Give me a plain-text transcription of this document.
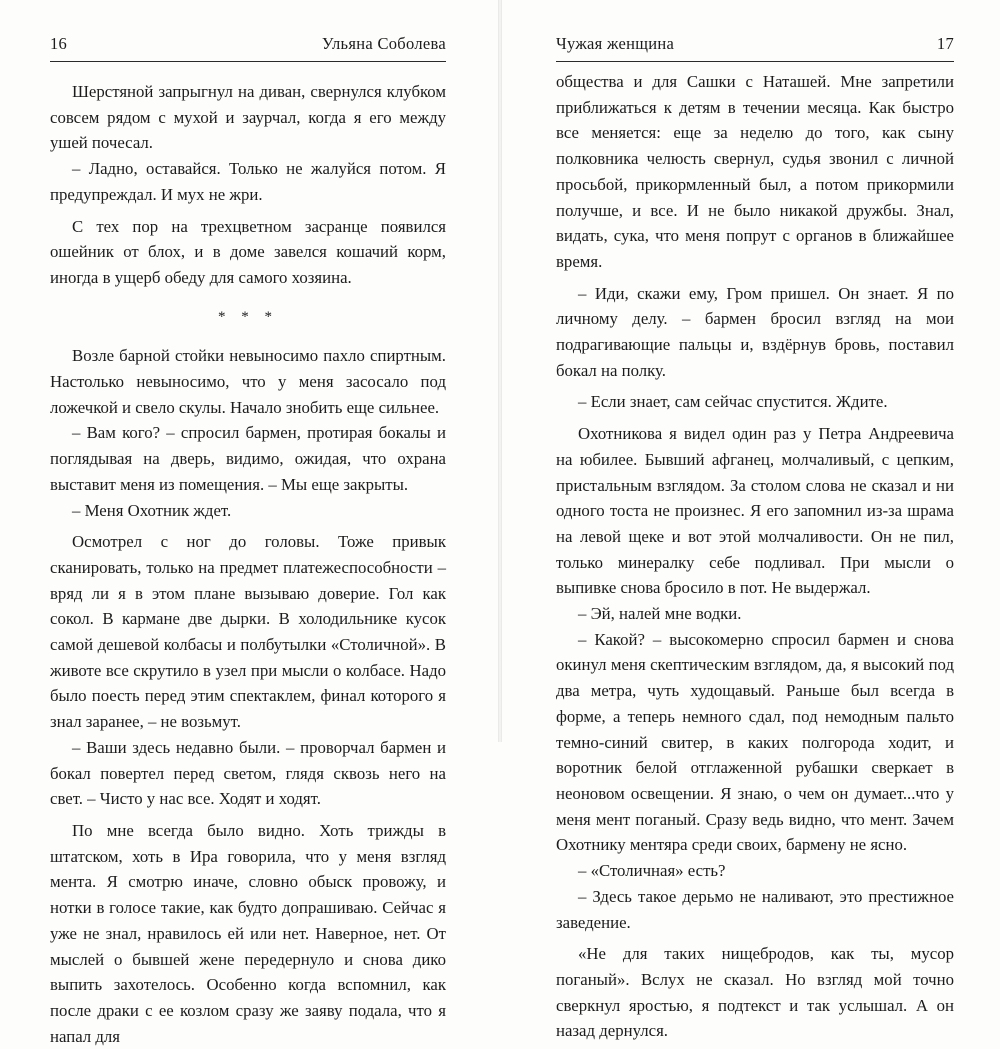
16	Ульяна Соболева

Шерстяной запрыгнул на диван, свернулся клубком совсем рядом с мухой и заурчал, когда я его между ушей почесал.

– Ладно, оставайся. Только не жалуйся потом. Я предупреждал. И мух не жри.

С тех пор на трехцветном засранце появился ошейник от блох, и в доме завелся кошачий корм, иногда в ущерб обеду для самого хозяина.

* * *

Возле барной стойки невыносимо пахло спиртным. Настолько невыносимо, что у меня засосало под ложечкой и свело скулы. Начало знобить еще сильнее.

– Вам кого? – спросил бармен, протирая бокалы и поглядывая на дверь, видимо, ожидая, что охрана выставит меня из помещения. – Мы еще закрыты.

– Меня Охотник ждет.

Осмотрел с ног до головы. Тоже привык сканировать, только на предмет платежеспособности – вряд ли я в этом плане вызываю доверие. Гол как сокол. В кармане две дырки. В холодильнике кусок самой дешевой колбасы и полбутылки «Столичной». В животе все скрутило в узел при мысли о колбасе. Надо было поесть перед этим спектаклем, финал которого я знал заранее, – не возьмут.

– Ваши здесь недавно были. – проворчал бармен и бокал повертел перед светом, глядя сквозь него на свет. – Чисто у нас все. Ходят и ходят.

По мне всегда было видно. Хоть трижды в штатском, хоть в Ира говорила, что у меня взгляд мента. Я смотрю иначе, словно обыск провожу, и нотки в голосе такие, как будто допрашиваю. Сейчас я уже не знал, нравилось ей или нет. Наверное, нет. От мыслей о бывшей жене передернуло и снова дико выпить захотелось. Особенно когда вспомнил, как после драки с ее козлом сразу же заяву подала, что я напал для

Чужая женщина	17

общества и для Сашки с Наташей. Мне запретили приближаться к детям в течении месяца. Как быстро все меняется: еще за неделю до того, как сыну полковника челюсть свернул, судья звонил с личной просьбой, прикормленный был, а потом прикормили получше, и все. И не было никакой дружбы. Знал, видать, сука, что меня попрут с органов в ближайшее время.

– Иди, скажи ему, Гром пришел. Он знает. Я по личному делу. – бармен бросил взгляд на мои подрагивающие пальцы и, вздёрнув бровь, поставил бокал на полку.

– Если знает, сам сейчас спустится. Ждите.

Охотникова я видел один раз у Петра Андреевича на юбилее. Бывший афганец, молчаливый, с цепким, пристальным взглядом. За столом слова не сказал и ни одного тоста не произнес. Я его запомнил из-за шрама на левой щеке и вот этой молчаливости. Он не пил, только минералку себе подливал. При мысли о выпивке снова бросило в пот. Не выдержал.

– Эй, налей мне водки.

– Какой? – высокомерно спросил бармен и снова окинул меня скептическим взглядом, да, я высокий под два метра, чуть худощавый. Раньше был всегда в форме, а теперь немного сдал, под немодным пальто темно-синий свитер, в каких полгорода ходит, и воротник белой отглаженной рубашки сверкает в неоновом освещении. Я знаю, о чем он думает...что у меня мент поганый. Сразу ведь видно, что мент. Зачем Охотнику ментяра среди своих, бармену не ясно.

– «Столичная» есть?

– Здесь такое дерьмо не наливают, это престижное заведение.

«Не для таких нищебродов, как ты, мусор поганый». Вслух не сказал. Но взгляд мой точно сверкнул яростью, я подтекст и так услышал. А он назад дернулся.
